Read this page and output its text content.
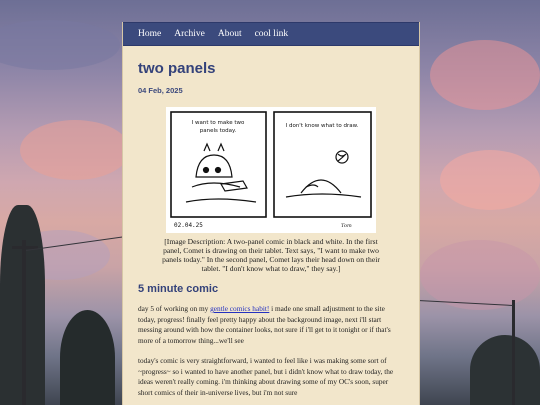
Home Archive About cool link
two panels
04 Feb, 2025
I want to make two
panels today.
I don't know what to draw.
02.04.25	Tom
[Image Description: A two-panel comic in black and white. In the first panel, Comet is drawing on their tablet. Text says, "I want to make two panels today." In the second panel, Comet lays their head down on their tablet. "I don't know what to draw," they say.]
5 minute comic

day 5 of working on my gentle comics habit! i made one small adjustment to the site today, progress! finally feel pretty happy about the background image, next i'll start messing around with how the container looks, not sure if i'll get to it tonight or if that's more of a tomorrow thing...we'll see

today's comic is very straightforward, i wanted to feel like i was making some sort of ~progress~ so i wanted to have another panel, but i didn't know what to draw today, the ideas weren't really coming. i'm thinking about drawing some of my OC's soon, super short comics of their in-universe lives, but i'm not sure
